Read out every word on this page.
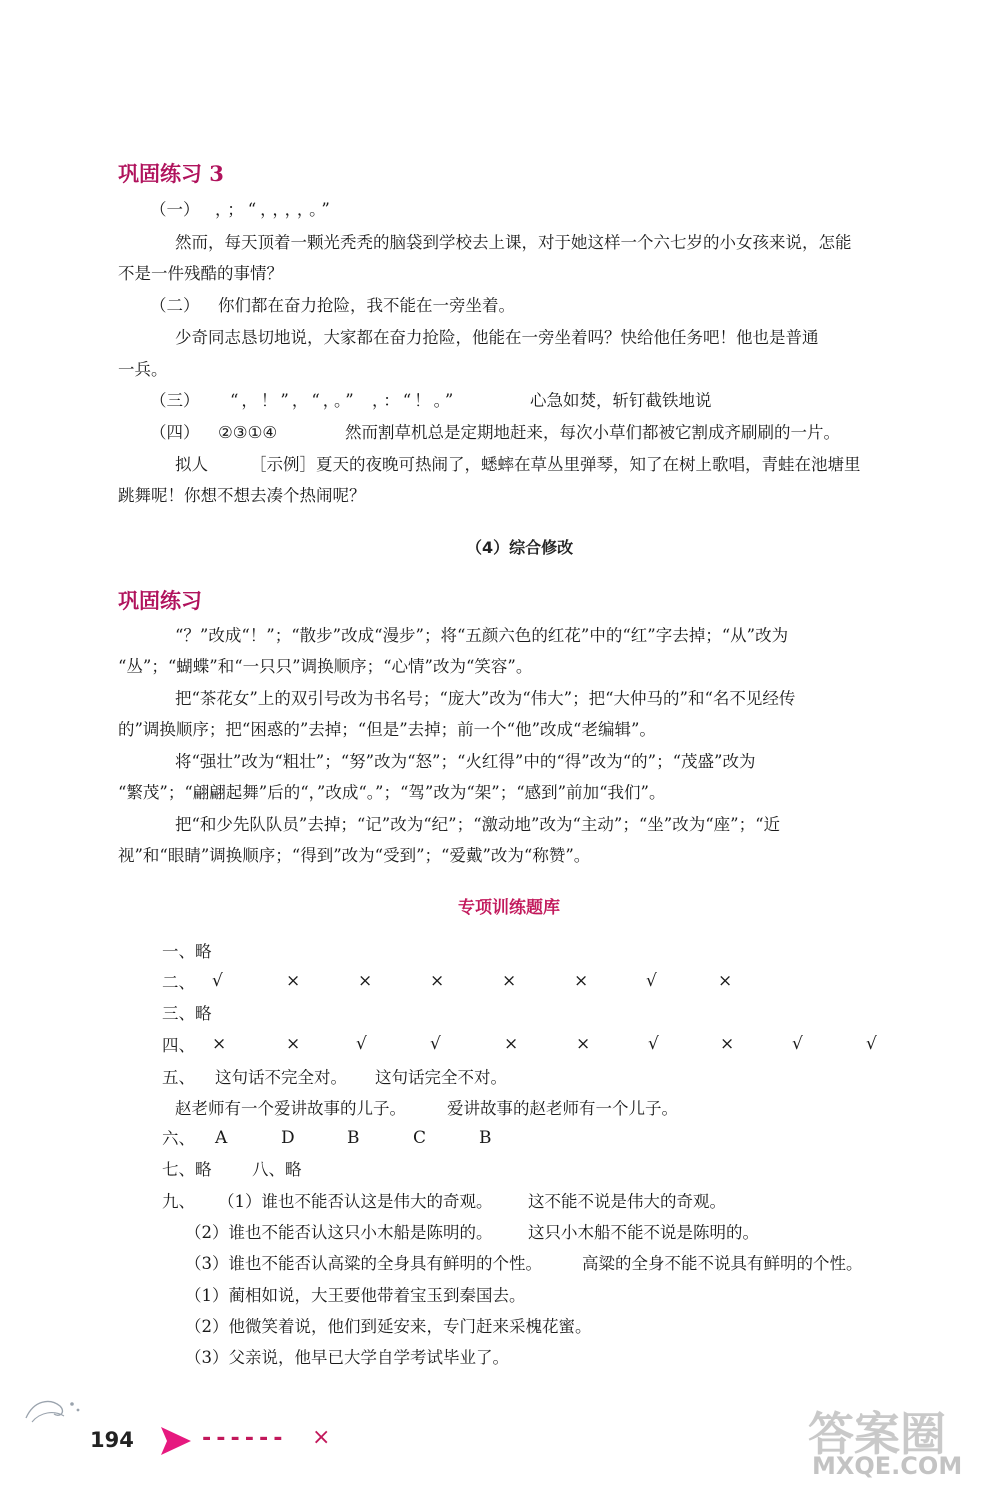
巩固练习 3
（一） ，；“，，，，。”
然而，每天顶着一颗光秃秃的脑袋到学校去上课，对于她这样一个六七岁的小女孩来说，怎能
不是一件残酷的事情？
（二） 你们都在奋力抢险，我不能在一旁坐着。
少奇同志恳切地说，大家都在奋力抢险，他能在一旁坐着吗？快给他任务吧！他也是普通
一兵。
（三） “，！”，“，。” ，：“！。”	心急如焚，斩钉截铁地说
（四） ②③①④	然而割草机总是定期地赶来，每次小草们都被它割成齐刷刷的一片。
拟人	［示例］夏天的夜晚可热闹了，蟋蟀在草丛里弹琴，知了在树上歌唱，青蛙在池塘里
跳舞呢！你想不想去凑个热闹呢？
（4）综合修改
巩固练习
“？”改成“！”；“散步”改成“漫步”；将“五颜六色的红花”中的“红”字去掉；“从”改为
“丛”；“蝴蝶”和“一只只”调换顺序；“心情”改为“笑容”。
把“茶花女”上的双引号改为书名号；“庞大”改为“伟大”；把“大仲马的”和“名不见经传
的”调换顺序；把“困惑的”去掉；“但是”去掉；前一个“他”改成“老编辑”。
将“强壮”改为“粗壮”；“努”改为“怒”；“火红得”中的“得”改为“的”；“茂盛”改为
“繁茂”；“翩翩起舞”后的“，”改成“。”；“驾”改为“架”；“感到”前加“我们”。
把“和少先队队员”去掉；“记”改为“纪”；“激动地”改为“主动”；“坐”改为“座”；“近
视”和“眼睛”调换顺序；“得到”改为“受到”；“爱戴”改为“称赞”。
专项训练题库
一、略
二、 √	×	×	×	×	×	√	×
三、略
四、 ×	×	√	√	×	×	√	×	√	√
五、 这句话不完全对。 这句话完全不对。
赵老师有一个爱讲故事的儿子。 爱讲故事的赵老师有一个儿子。
六、 A	D	B	C	B
七、略 八、略
九、 （1）谁也不能否认这是伟大的奇观。 这不能不说是伟大的奇观。
（2）谁也不能否认这只小木船是陈明的。 这只小木船不能不说是陈明的。
（3）谁也不能否认高粱的全身具有鲜明的个性。 高粱的全身不能不说具有鲜明的个性。
（1）蔺相如说，大王要他带着宝玉到秦国去。
（2）他微笑着说，他们到延安来，专门赶来采槐花蜜。
（3）父亲说，他早已大学自学考试毕业了。
194	------ ×	答案圈
MXQE.COM
